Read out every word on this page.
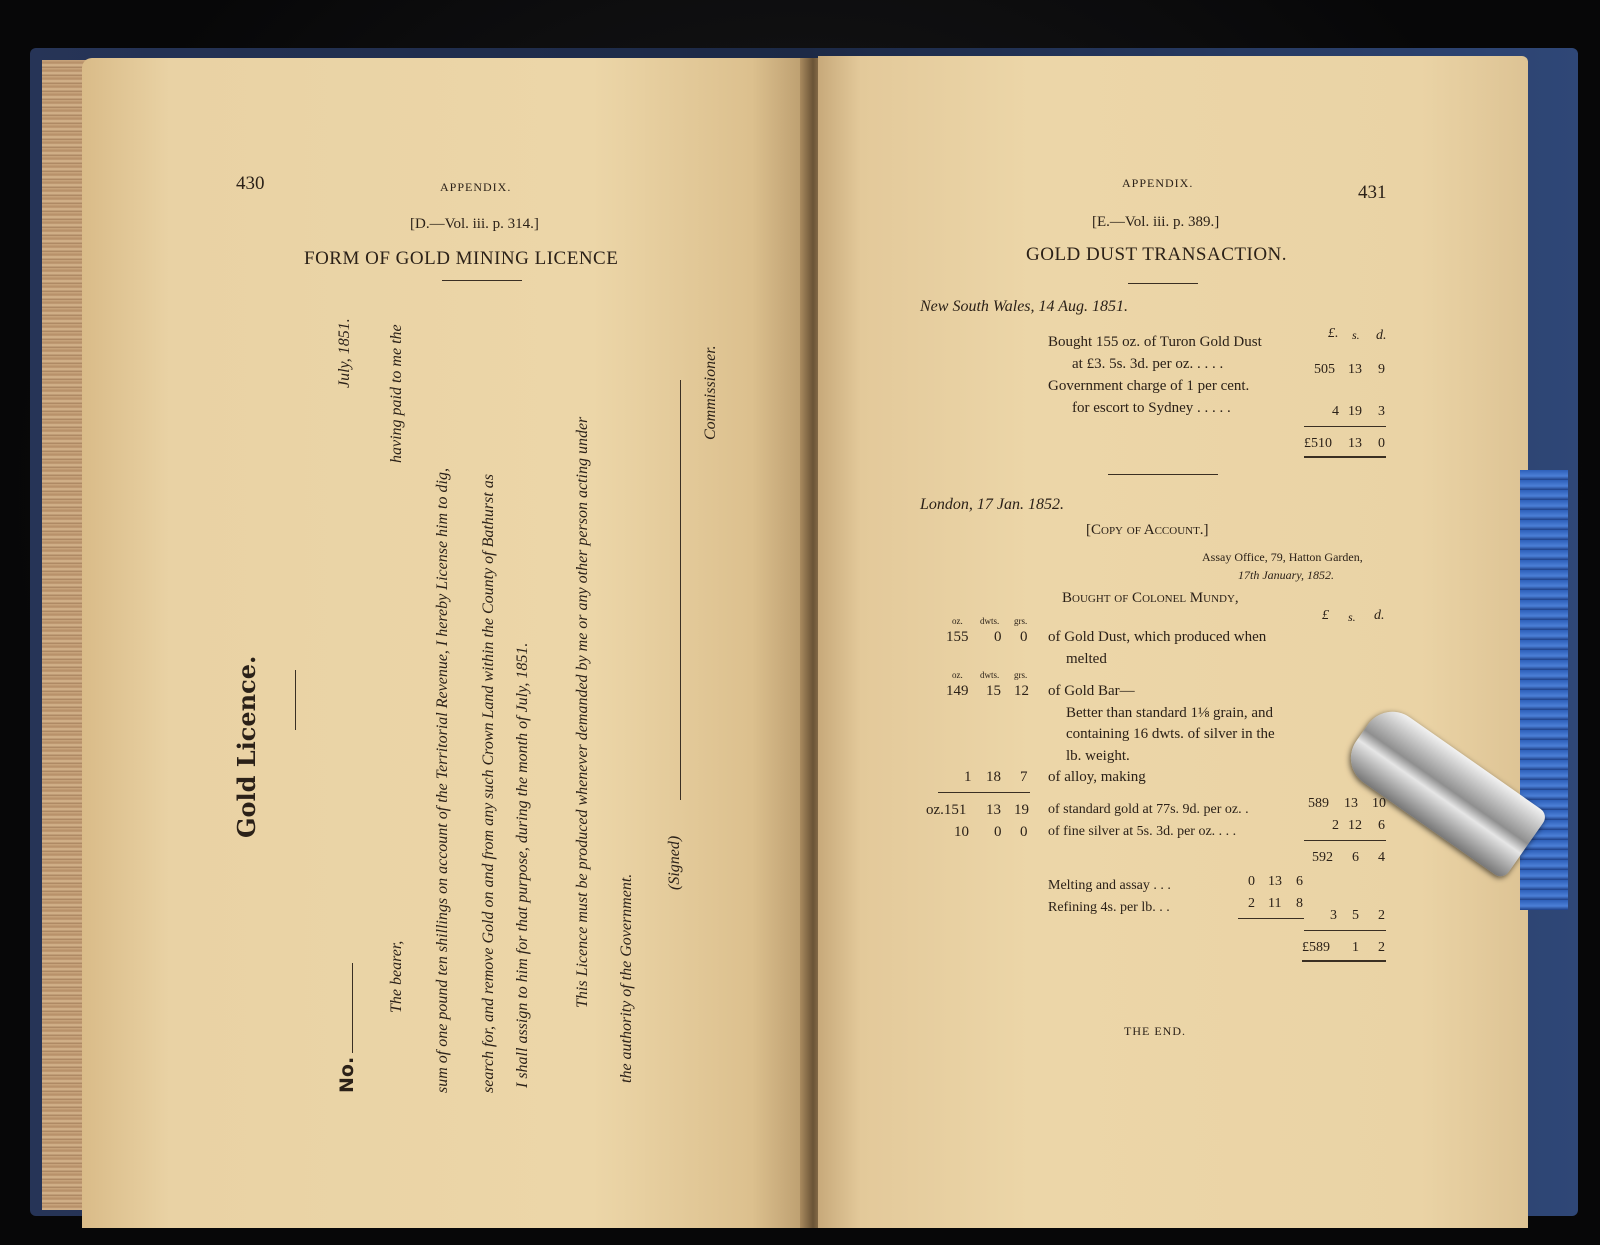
430	APPENDIX.
[D.—Vol. iii. p. 314.]
FORM OF GOLD MINING LICENCE
Gold Licence.
No.
July, 1851.
The bearer,
having paid to me the
sum of one pound ten shillings on account of the Territorial Revenue, I hereby License him to dig, search for, and remove Gold on and from any such Crown Land within the County of Bathurst as I shall assign to him for that purpose, during the month of July, 1851.	This Licence must be produced whenever demanded by me or any other person acting under the authority of the Government.
(Signed)
Commissioner.
APPENDIX.	431
[E.—Vol. iii. p. 389.]
GOLD DUST TRANSACTION.
New South Wales, 14 Aug. 1851.
£. s. d.
Bought 155 oz. of Turon Gold Dust
at £3. 5s. 3d. per oz. . . . .	505 13 9
Government charge of 1 per cent.
for escort to Sydney . . . . .	4 19 3
£510 13 0
London, 17 Jan. 1852.
[Copy of Account.]
Assay Office, 79, Hatton Garden,
17th January, 1852.
Bought of Colonel Mundy,
£ s. d.
oz. dwts. grs.
155 0 0 of Gold Dust, which produced when
melted
oz. dwts. grs.
149 15 12 of Gold Bar—
Better than standard 1⅛ grain, and
containing 16 dwts. of silver in the
lb. weight.
1 18 7 of alloy, making
oz.151 13 19 of standard gold at 77s. 9d. per oz. .	589 13 10
10 0 0 of fine silver at 5s. 3d. per oz. . . .	2 12 6
592 6 4
Melting and assay . . .	0 13 6
Refining 4s. per lb. . .	2 11 8
3 5 2
£589 1 2
THE END.
